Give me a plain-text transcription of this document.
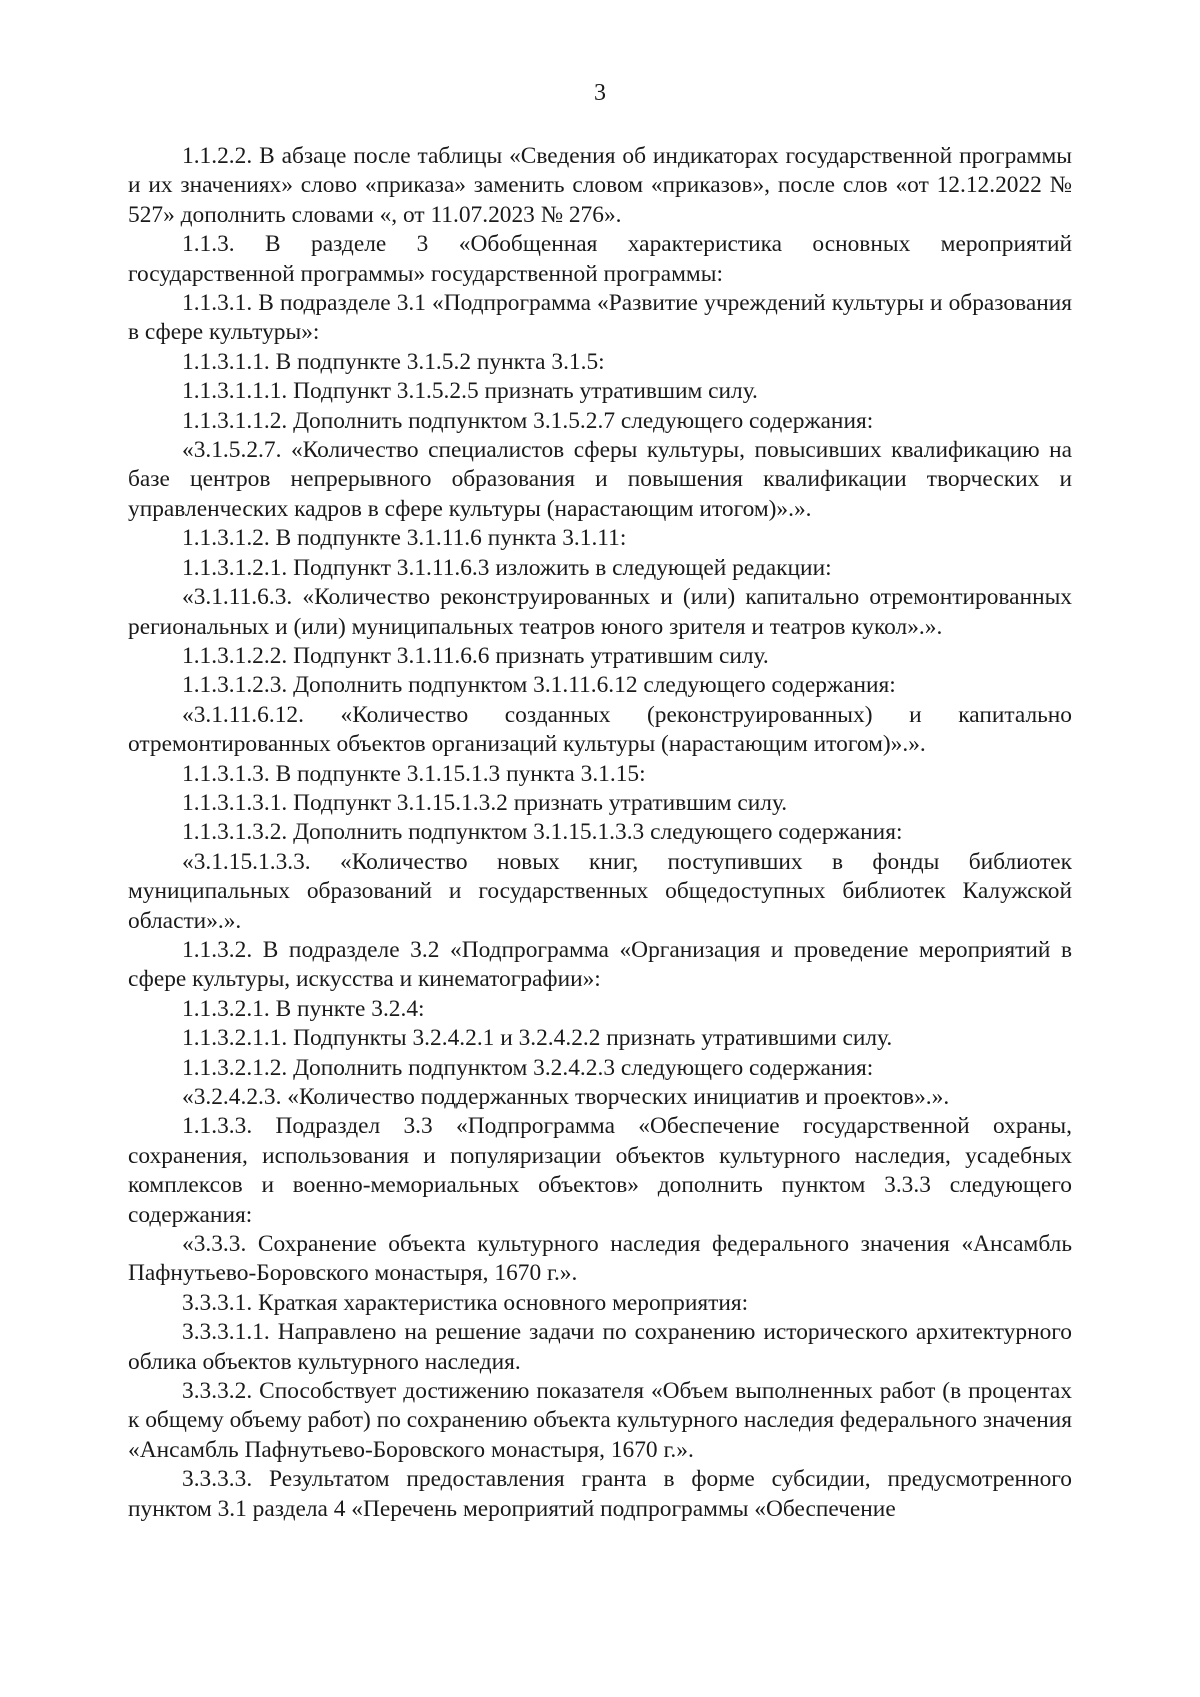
3

1.1.2.2. В абзаце после таблицы «Сведения об индикаторах государственной программы и их значениях» слово «приказа» заменить словом «приказов», после слов «от 12.12.2022 № 527» дополнить словами «, от 11.07.2023 № 276».

1.1.3. В разделе 3 «Обобщенная характеристика основных мероприятий государственной программы» государственной программы:

1.1.3.1. В подразделе 3.1 «Подпрограмма «Развитие учреждений культуры и образования в сфере культуры»:

1.1.3.1.1. В подпункте 3.1.5.2 пункта 3.1.5:

1.1.3.1.1.1. Подпункт 3.1.5.2.5 признать утратившим силу.

1.1.3.1.1.2. Дополнить подпунктом 3.1.5.2.7 следующего содержания:

«3.1.5.2.7. «Количество специалистов сферы культуры, повысивших квалификацию на базе центров непрерывного образования и повышения квалификации творческих и управленческих кадров в сфере культуры (нарастающим итогом)».».

1.1.3.1.2. В подпункте 3.1.11.6 пункта 3.1.11:

1.1.3.1.2.1. Подпункт 3.1.11.6.3 изложить в следующей редакции:

«3.1.11.6.3. «Количество реконструированных и (или) капитально отремонтированных региональных и (или) муниципальных театров юного зрителя и театров кукол».».

1.1.3.1.2.2. Подпункт 3.1.11.6.6 признать утратившим силу.

1.1.3.1.2.3. Дополнить подпунктом 3.1.11.6.12 следующего содержания:

«3.1.11.6.12. «Количество созданных (реконструированных) и капитально отремонтированных объектов организаций культуры (нарастающим итогом)».».

1.1.3.1.3. В подпункте 3.1.15.1.3 пункта 3.1.15:

1.1.3.1.3.1. Подпункт 3.1.15.1.3.2 признать утратившим силу.

1.1.3.1.3.2. Дополнить подпунктом 3.1.15.1.3.3 следующего содержания:

«3.1.15.1.3.3. «Количество новых книг, поступивших в фонды библиотек муниципальных образований и государственных общедоступных библиотек Калужской области».».

1.1.3.2. В подразделе 3.2 «Подпрограмма «Организация и проведение мероприятий в сфере культуры, искусства и кинематографии»:

1.1.3.2.1. В пункте 3.2.4:

1.1.3.2.1.1. Подпункты 3.2.4.2.1 и 3.2.4.2.2 признать утратившими силу.

1.1.3.2.1.2. Дополнить подпунктом 3.2.4.2.3 следующего содержания:

«3.2.4.2.3. «Количество поддержанных творческих инициатив и проектов».».

1.1.3.3. Подраздел 3.3 «Подпрограмма «Обеспечение государственной охраны, сохранения, использования и популяризации объектов культурного наследия, усадебных комплексов и военно-мемориальных объектов» дополнить пунктом 3.3.3 следующего содержания:

«3.3.3. Сохранение объекта культурного наследия федерального значения «Ансамбль Пафнутьево-Боровского монастыря, 1670 г.».

3.3.3.1. Краткая характеристика основного мероприятия:

3.3.3.1.1. Направлено на решение задачи по сохранению исторического архитектурного облика объектов культурного наследия.

3.3.3.2. Способствует достижению показателя «Объем выполненных работ (в процентах к общему объему работ) по сохранению объекта культурного наследия федерального значения «Ансамбль Пафнутьево-Боровского монастыря, 1670 г.».

3.3.3.3. Результатом предоставления гранта в форме субсидии, предусмотренного пунктом 3.1 раздела 4 «Перечень мероприятий подпрограммы «Обеспечение
